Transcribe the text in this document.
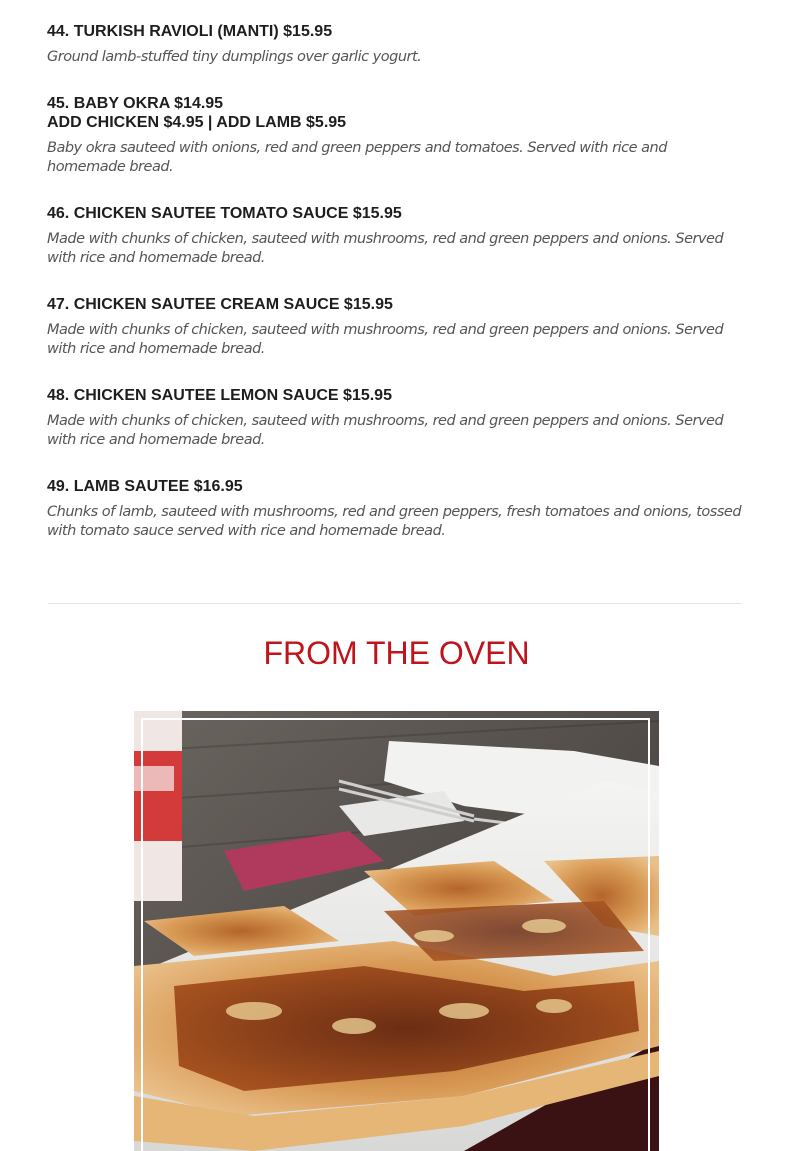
44. TURKISH RAVIOLI (MANTI) $15.95
Ground lamb-stuffed tiny dumplings over garlic yogurt.
45. BABY OKRA $14.95
ADD CHICKEN $4.95 | ADD LAMB $5.95
Baby okra sauteed with onions, red and green peppers and tomatoes. Served with rice and homemade bread.
46. CHICKEN SAUTEE TOMATO SAUCE $15.95
Made with chunks of chicken, sauteed with mushrooms, red and green peppers and onions. Served with rice and homemade bread.
47. CHICKEN SAUTEE CREAM SAUCE $15.95
Made with chunks of chicken, sauteed with mushrooms, red and green peppers and onions. Served with rice and homemade bread.
48. CHICKEN SAUTEE LEMON SAUCE $15.95
Made with chunks of chicken, sauteed with mushrooms, red and green peppers and onions. Served with rice and homemade bread.
49. LAMB SAUTEE $16.95
Chunks of lamb, sauteed with mushrooms, red and green peppers, fresh tomatoes and onions, tossed with tomato sauce served with rice and homemade bread.
FROM THE OVEN
